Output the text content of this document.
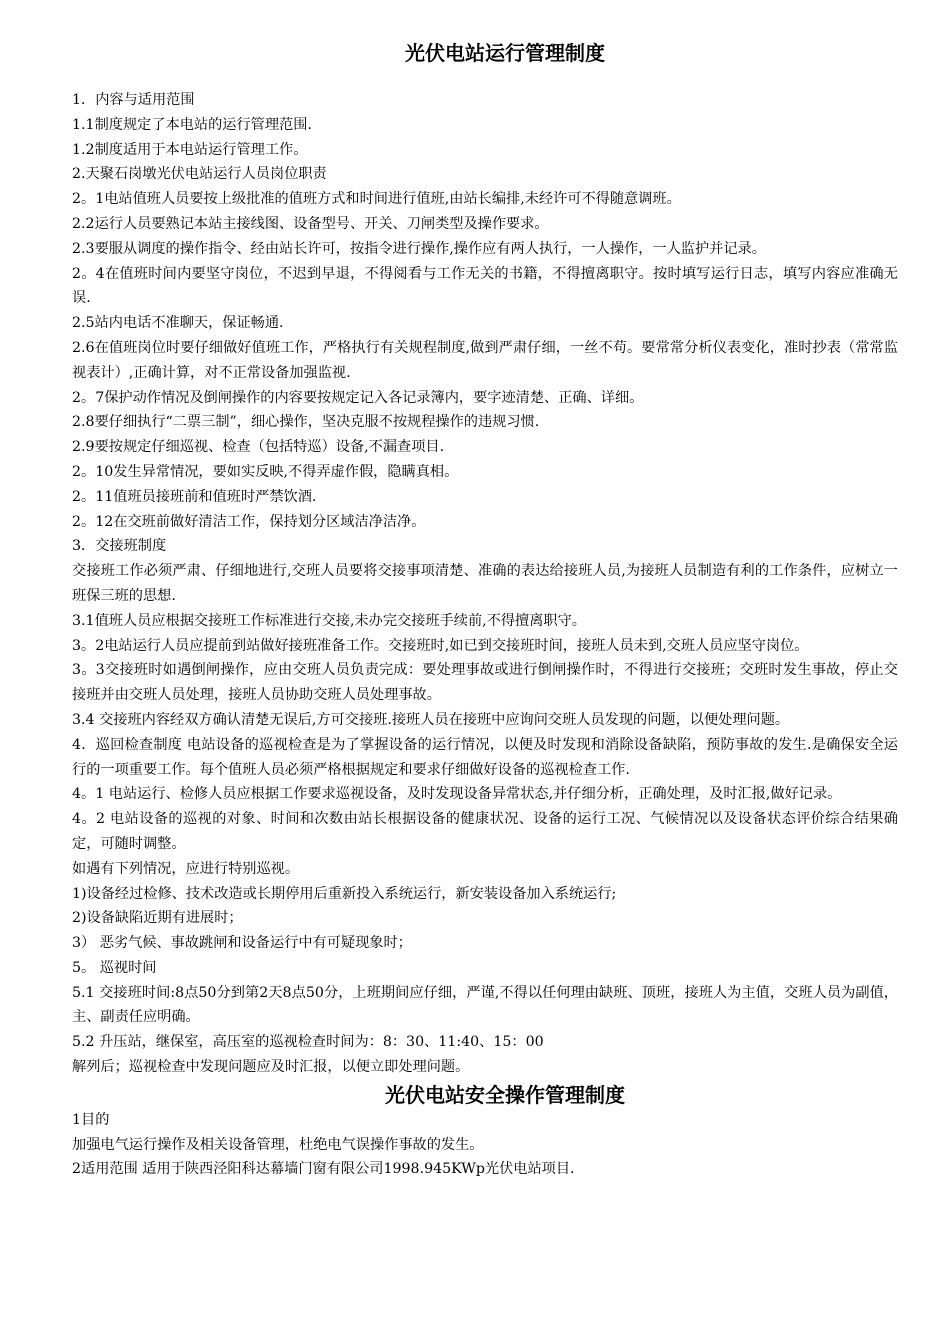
光伏电站运行管理制度

1．内容与适用范围

1.1制度规定了本电站的运行管理范围.

1.2制度适用于本电站运行管理工作。

2.天聚石岗墩光伏电站运行人员岗位职责

2。1电站值班人员要按上级批准的值班方式和时间进行值班,由站长编排,未经许可不得随意调班。

2.2运行人员要熟记本站主接线图、设备型号、开关、刀闸类型及操作要求。

2.3要服从调度的操作指令、经由站长许可，按指令进行操作,操作应有两人执行，一人操作，一人监护并记录。

2。4在值班时间内要坚守岗位，不迟到早退，不得阅看与工作无关的书籍，不得擅离职守。按时填写运行日志，填写内容应准确无误.

2.5站内电话不准聊天，保证畅通.

2.6在值班岗位时要仔细做好值班工作，严格执行有关规程制度,做到严肃仔细，一丝不苟。要常常分析仪表变化，准时抄表（常常监视表计）,正确计算，对不正常设备加强监视.

2。7保护动作情况及倒闸操作的内容要按规定记入各记录簿内，要字迹清楚、正确、详细。

2.8要仔细执行“二票三制”，细心操作，坚决克服不按规程操作的违规习惯.

2.9要按规定仔细巡视、检查（包括特巡）设备,不漏查项目.

2。10发生异常情况，要如实反映,不得弄虚作假，隐瞒真相。

2。11值班员接班前和值班时严禁饮酒.

2。12在交班前做好清洁工作，保持划分区域洁净洁净。

3．交接班制度

交接班工作必须严肃、仔细地进行,交班人员要将交接事项清楚、准确的表达给接班人员,为接班人员制造有利的工作条件，应树立一班保三班的思想.

3.1值班人员应根据交接班工作标准进行交接,未办完交接班手续前,不得擅离职守。

3。2电站运行人员应提前到站做好接班准备工作。交接班时,如已到交接班时间，接班人员未到,交班人员应坚守岗位。

3。3交接班时如遇倒闸操作，应由交班人员负责完成：要处理事故或进行倒闸操作时，不得进行交接班；交班时发生事故，停止交接班并由交班人员处理，接班人员协助交班人员处理事故。

3.4 交接班内容经双方确认清楚无误后,方可交接班.接班人员在接班中应询问交班人员发现的问题，以便处理问题。

4．巡回检查制度 电站设备的巡视检查是为了掌握设备的运行情况，以便及时发现和消除设备缺陷，预防事故的发生.是确保安全运行的一项重要工作。每个值班人员必须严格根据规定和要求仔细做好设备的巡视检查工作.

4。1 电站运行、检修人员应根据工作要求巡视设备，及时发现设备异常状态,并仔细分析，正确处理，及时汇报,做好记录。

4。2 电站设备的巡视的对象、时间和次数由站长根据设备的健康状况、设备的运行工况、气候情况以及设备状态评价综合结果确定，可随时调整。

如遇有下列情况，应进行特别巡视。

1)设备经过检修、技术改造或长期停用后重新投入系统运行，新安装设备加入系统运行;

2)设备缺陷近期有进展时；

3） 恶劣气候、事故跳闸和设备运行中有可疑现象时；

5。 巡视时间

5.1 交接班时间:8点50分到第2天8点50分，上班期间应仔细，严谨,不得以任何理由缺班、顶班，接班人为主值，交班人员为副值，主、副责任应明确。

5.2 升压站，继保室，高压室的巡视检查时间为：8：30、11:40、15：00

解列后；巡视检查中发现问题应及时汇报，以便立即处理问题。

光伏电站安全操作管理制度

1目的

加强电气运行操作及相关设备管理，杜绝电气误操作事故的发生。

2适用范围 适用于陕西泾阳科达幕墙门窗有限公司1998.945KWp光伏电站项目.
